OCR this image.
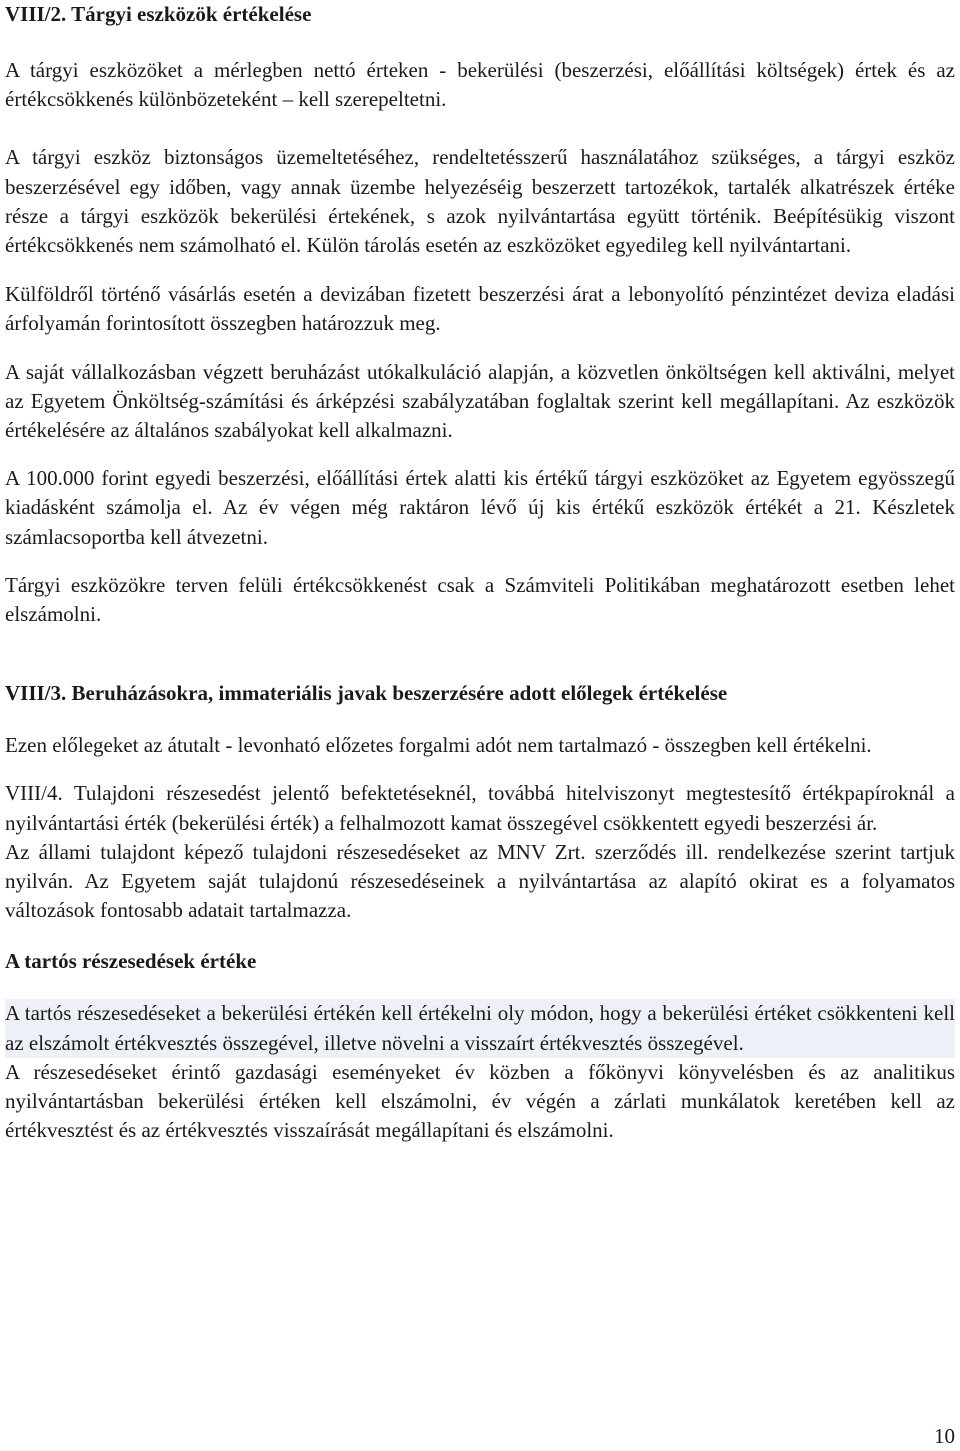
VIII/2. Tárgyi eszközök értékelése

A tárgyi eszközöket a mérlegben nettó érteken - bekerülési (beszerzési, előállítási költségek) értek és az értékcsökkenés különbözeteként – kell szerepeltetni.

A tárgyi eszköz biztonságos üzemeltetéséhez, rendeltetésszerű használatához szükséges, a tárgyi eszköz beszerzésével egy időben, vagy annak üzembe helyezéséig beszerzett tartozékok, tartalék alkatrészek értéke része a tárgyi eszközök bekerülési értekének, s azok nyilvántartása együtt történik. Beépítésükig viszont értékcsökkenés nem számolható el. Külön tárolás esetén az eszközöket egyedileg kell nyilvántartani.

Külföldről történő vásárlás esetén a devizában fizetett beszerzési árat a lebonyolító pénzintézet deviza eladási árfolyamán forintosított összegben határozzuk meg.

A saját vállalkozásban végzett beruházást utókalkuláció alapján, a közvetlen önköltségen kell aktiválni, melyet az Egyetem Önköltség-számítási és árképzési szabályzatában foglaltak szerint kell megállapítani. Az eszközök értékelésére az általános szabályokat kell alkalmazni.

A 100.000 forint egyedi beszerzési, előállítási értek alatti kis értékű tárgyi eszközöket az Egyetem egyösszegű kiadásként számolja el. Az év végen még raktáron lévő új kis értékű eszközök értékét a 21. Készletek számlacsoportba kell átvezetni.

Tárgyi eszközökre terven felüli értékcsökkenést csak a Számviteli Politikában meghatározott esetben lehet elszámolni.

VIII/3. Beruházásokra, immateriális javak beszerzésére adott előlegek értékelése

Ezen előlegeket az átutalt - levonható előzetes forgalmi adót nem tartalmazó - összegben kell értékelni.

VIII/4. Tulajdoni részesedést jelentő befektetéseknél, továbbá hitelviszonyt megtestesítő értékpapíroknál a nyilvántartási érték (bekerülési érték) a felhalmozott kamat összegével csökkentett egyedi beszerzési ár.

Az állami tulajdont képező tulajdoni részesedéseket az MNV Zrt. szerződés ill. rendelkezése szerint tartjuk nyilván. Az Egyetem saját tulajdonú részesedéseinek a nyilvántartása az alapító okirat es a folyamatos változások fontosabb adatait tartalmazza.

A tartós részesedések értéke

A tartós részesedéseket a bekerülési értékén kell értékelni oly módon, hogy a bekerülési értéket csökkenteni kell az elszámolt értékvesztés összegével, illetve növelni a visszaírt értékvesztés összegével.

A részesedéseket érintő gazdasági eseményeket év közben a főkönyvi könyvelésben és az analitikus nyilvántartásban bekerülési értéken kell elszámolni, év végén a zárlati munkálatok keretében kell az értékvesztést és az értékvesztés visszaírását megállapítani és elszámolni.

10
